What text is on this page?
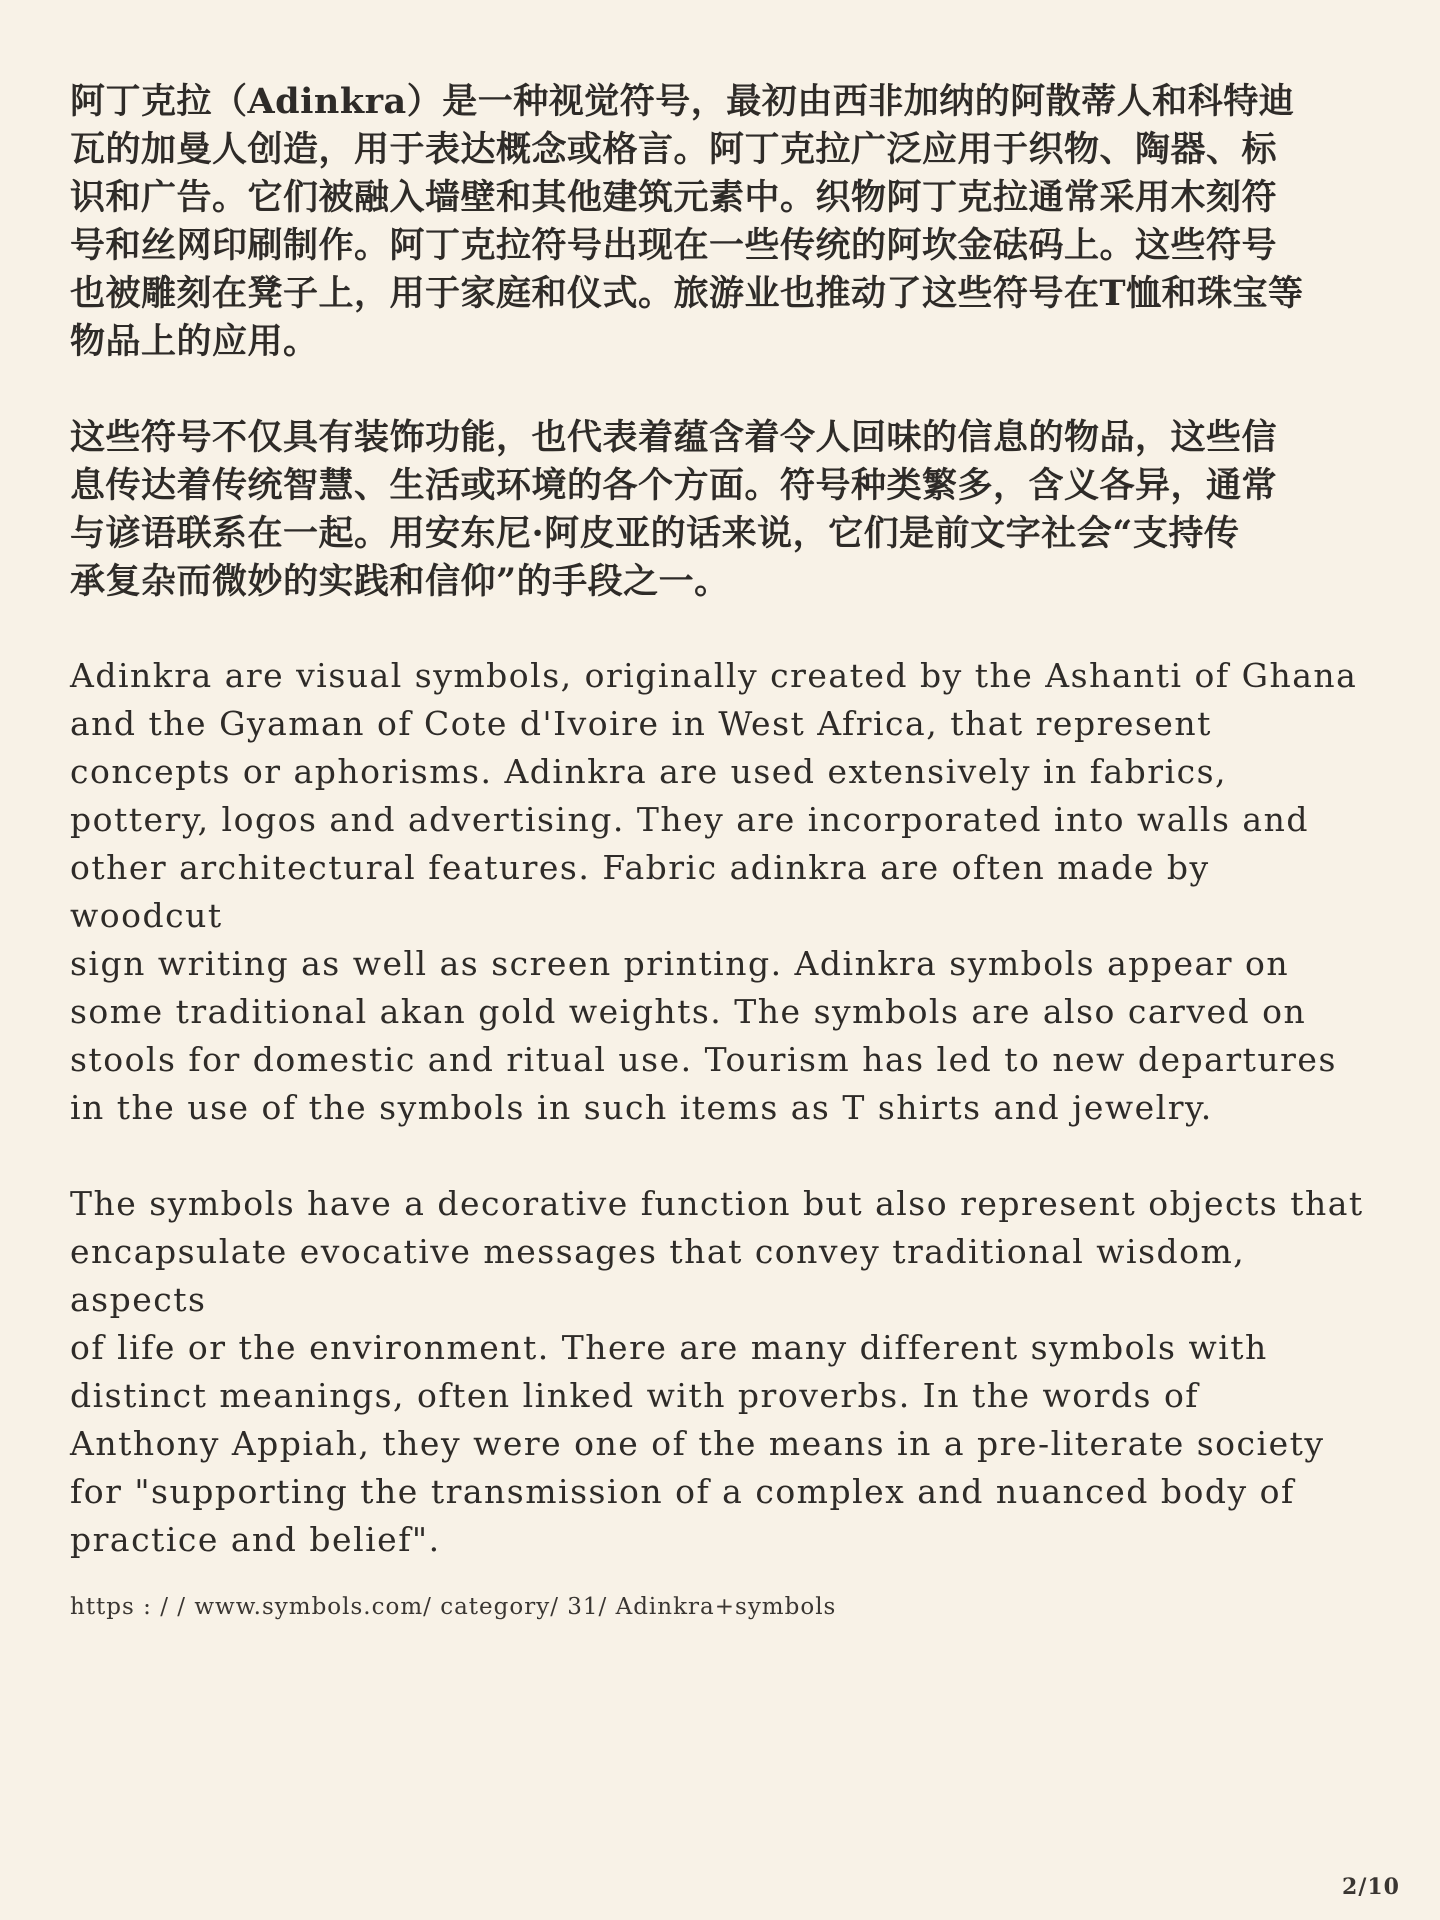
阿丁克拉（Adinkra）是一种视觉符号，最初由西非加纳的阿散蒂人和科特迪
瓦的加曼人创造，用于表达概念或格言。阿丁克拉广泛应用于织物、陶器、标
识和广告。它们被融入墙壁和其他建筑元素中。织物阿丁克拉通常采用木刻符
号和丝网印刷制作。阿丁克拉符号出现在一些传统的阿坎金砝码上。这些符号
也被雕刻在凳子上，用于家庭和仪式。旅游业也推动了这些符号在T恤和珠宝等
物品上的应用。

这些符号不仅具有装饰功能，也代表着蕴含着令人回味的信息的物品，这些信
息传达着传统智慧、生活或环境的各个方面。符号种类繁多，含义各异，通常
与谚语联系在一起。用安东尼·阿皮亚的话来说，它们是前文字社会“支持传
承复杂而微妙的实践和信仰”的手段之一。

Adinkra are visual symbols, originally created by the Ashanti of Ghana
and the Gyaman of Cote d'Ivoire in West Africa, that represent
concepts or aphorisms. Adinkra are used extensively in fabrics,
pottery, logos and advertising. They are incorporated into walls and
other architectural features. Fabric adinkra are often made by woodcut
sign writing as well as screen printing. Adinkra symbols appear on
some traditional akan gold weights. The symbols are also carved on
stools for domestic and ritual use. Tourism has led to new departures
in the use of the symbols in such items as T shirts and jewelry.

The symbols have a decorative function but also represent objects that
encapsulate evocative messages that convey traditional wisdom, aspects
of life or the environment. There are many different symbols with
distinct meanings, often linked with proverbs. In the words of
Anthony Appiah, they were one of the means in a pre-literate society
for "supporting the transmission of a complex and nuanced body of
practice and belief".

https : / / www.symbols.com/ category/ 31/ Adinkra+symbols
2/10
